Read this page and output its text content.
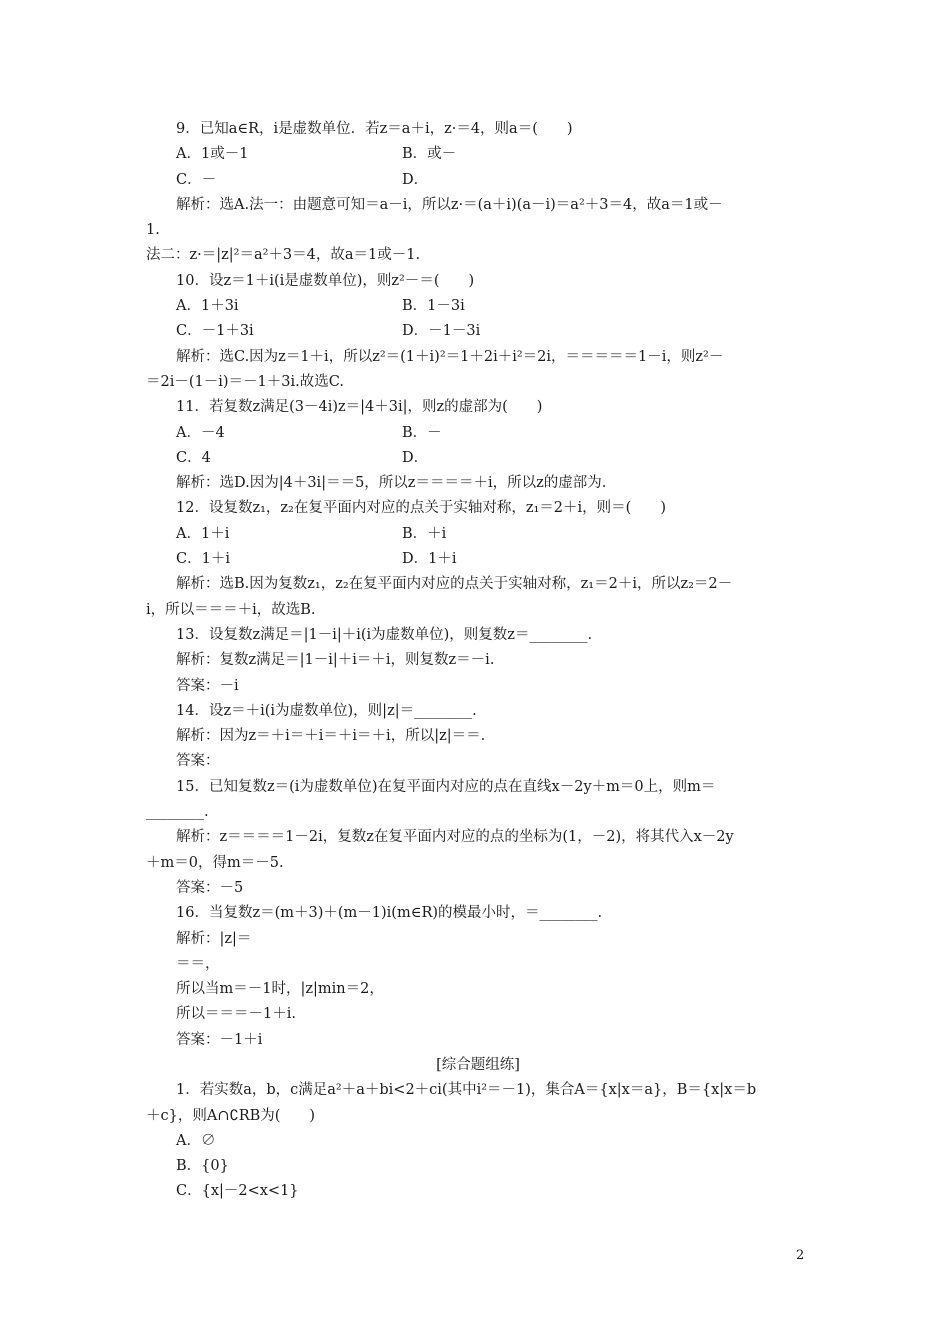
9．已知a∈R，i是虚数单位．若z＝a＋i，z·＝4，则a＝(　　)
A．1或－1	B．或－
C．－	D．
解析：选A.法一：由题意可知＝a－i，所以z·＝(a＋i)(a－i)＝a²＋3＝4，故a＝1或－
1.
法二：z·＝|z|²＝a²＋3＝4，故a＝1或－1.
10．设z＝1＋i(i是虚数单位)，则z²－＝(　　)
A．1＋3i	B．1－3i
C．－1＋3i	D．－1－3i
解析：选C.因为z＝1＋i，所以z²＝(1＋i)²＝1＋2i＋i²＝2i，＝＝＝＝＝1－i，则z²－
＝2i－(1－i)＝－1＋3i.故选C.
11．若复数z满足(3－4i)z＝|4＋3i|，则z的虚部为(　　)
A．－4	B．－
C．4	D．
解析：选D.因为|4＋3i|＝＝5，所以z＝＝＝＝＋i，所以z的虚部为.
12．设复数z₁，z₂在复平面内对应的点关于实轴对称，z₁＝2＋i，则＝(　　)
A．1＋i	B．＋i
C．1＋i	D．1＋i
解析：选B.因为复数z₁，z₂在复平面内对应的点关于实轴对称，z₁＝2＋i，所以z₂＝2－
i，所以＝＝＝＋i，故选B.
13．设复数z满足＝|1－i|＋i(i为虚数单位)，则复数z＝________.
解析：复数z满足＝|1－i|＋i＝＋i，则复数z＝－i.
答案：－i
14．设z＝＋i(i为虚数单位)，则|z|＝________.
解析：因为z＝＋i＝＋i＝＋i＝＋i，所以|z|＝＝.
答案：
15．已知复数z＝(i为虚数单位)在复平面内对应的点在直线x－2y＋m＝0上，则m＝
________.
解析：z＝＝＝＝1－2i，复数z在复平面内对应的点的坐标为(1，－2)，将其代入x－2y
＋m＝0，得m＝－5.
答案：－5
16．当复数z＝(m＋3)＋(m－1)i(m∈R)的模最小时，＝________.
解析：|z|＝
＝＝，
所以当m＝－1时，|z|min＝2，
所以＝＝＝－1＋i.
答案：－1＋i
[综合题组练]
1．若实数a，b，c满足a²＋a＋bi<2＋ci(其中i²＝－1)，集合A＝{x|x＝a}，B＝{x|x＝b
＋c}，则A∩∁RB为(　　)
A．∅
B．{0}
C．{x|－2<x<1}
2
